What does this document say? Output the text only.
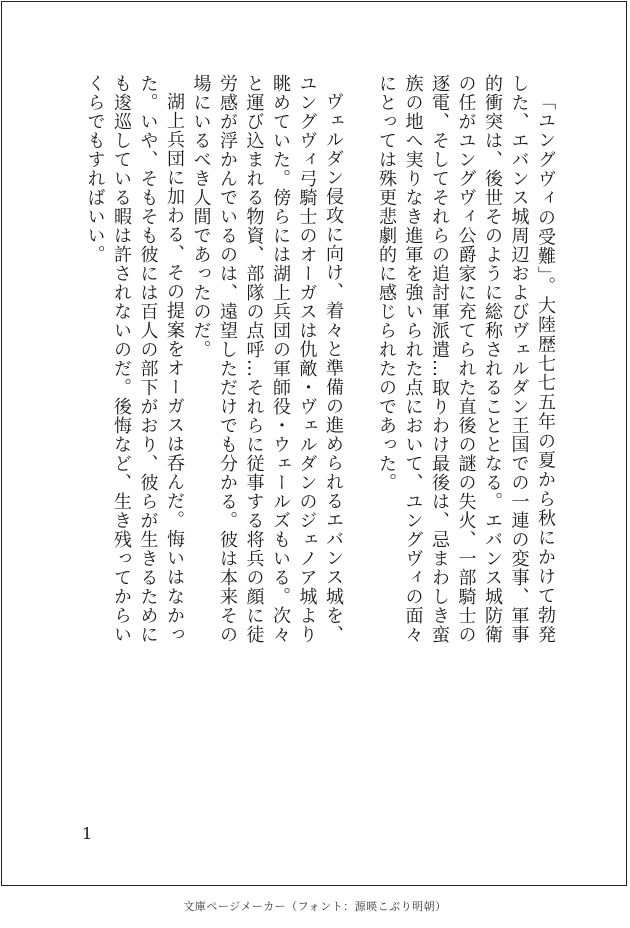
「ユングヴィの受難」。大陸歴七七五年の夏から秋にかけて勃発した、エバンス城周辺およびヴェルダン王国での一連の変事、軍事的衝突は、後世そのように総称されることとなる。エバンス城防衛の任がユングヴィ公爵家に充てられた直後の謎の失火、一部騎士の逐電、そしてそれらの追討軍派遣…取りわけ最後は、忌まわしき蛮族の地へ実りなき進軍を強いられた点において、ユングヴィの面々にとっては殊更悲劇的に感じられたのであった。

ヴェルダン侵攻に向け、着々と準備の進められるエバンス城を、ユングヴィ弓騎士のオーガスは仇敵・ヴェルダンのジェノア城より眺めていた。傍らには湖上兵団の軍師役・ウェールズもいる。次々と運び込まれる物資、部隊の点呼…それらに従事する将兵の顔に徒労感が浮かんでいるのは、遠望しただけでも分かる。彼は本来その場にいるべき人間であったのだ。

湖上兵団に加わる、その提案をオーガスは呑んだ。悔いはなかった。いや、そもそも彼には百人の部下がおり、彼らが生きるためにも逡巡している暇は許されないのだ。後悔など、生き残ってからいくらでもすればいい。

1
文庫ページメーカー（フォント：源暎こぶり明朝）
